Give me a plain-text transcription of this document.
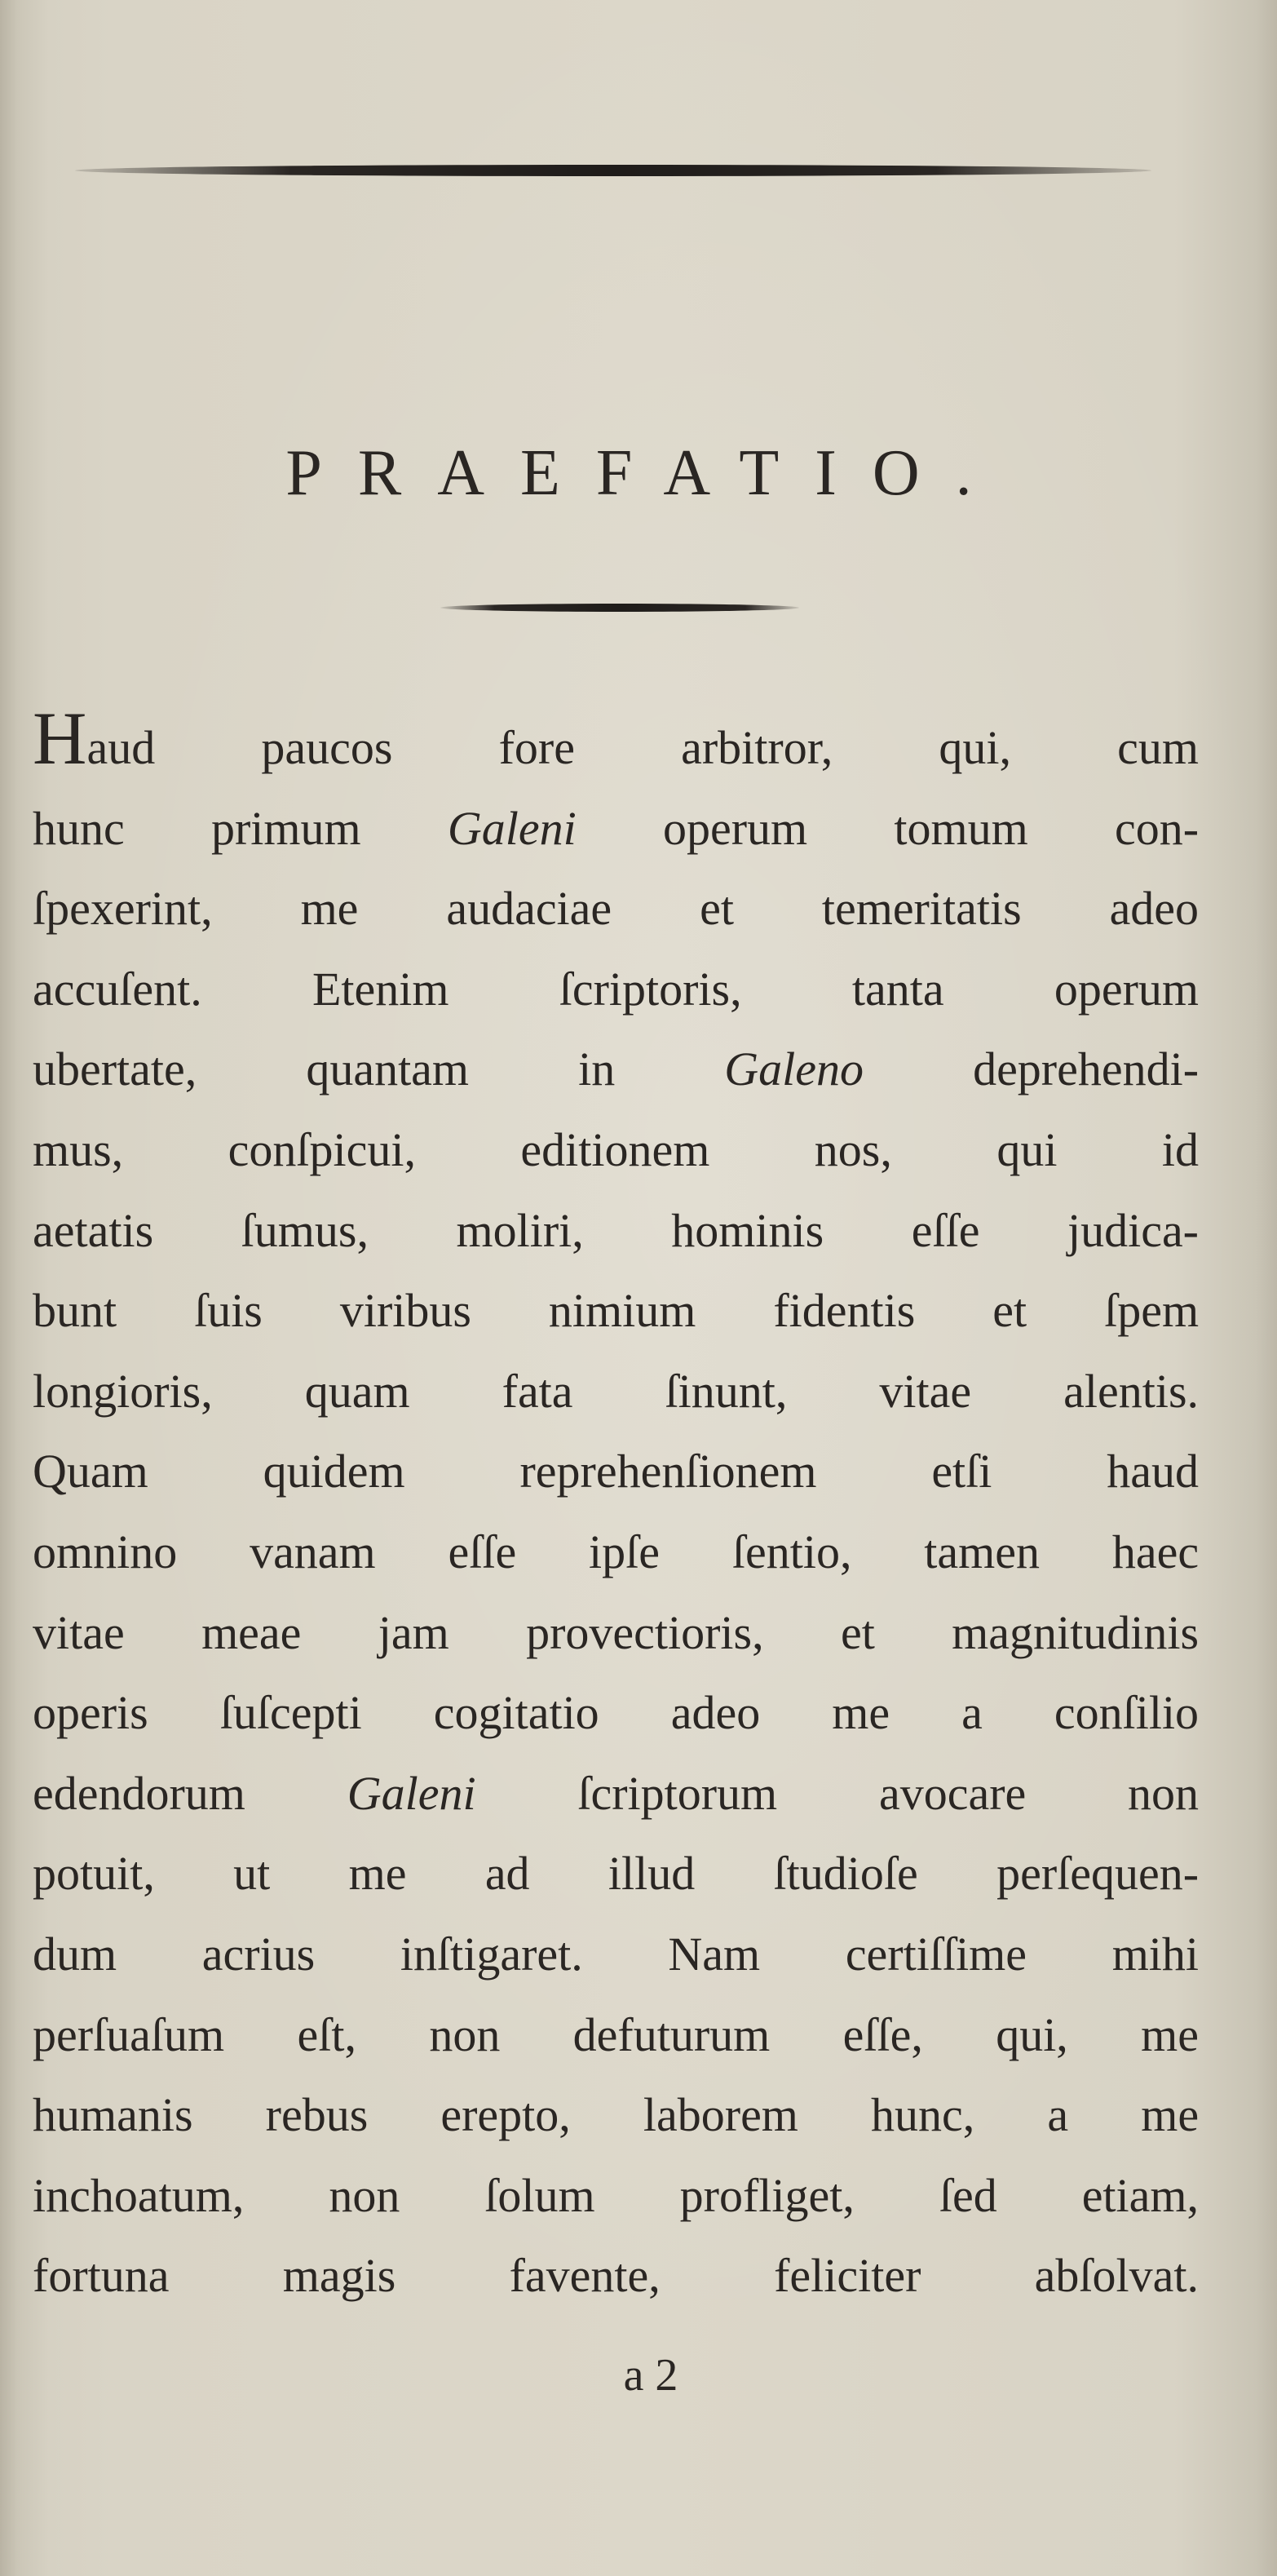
PRAEFATIO.
Haud paucos fore arbitror, qui, cum
hunc primum Galeni operum tomum con-
ſpexerint, me audaciae et temeritatis adeo
accuſent. Etenim ſcriptoris, tanta operum
ubertate, quantam in Galeno deprehendi-
mus, conſpicui, editionem nos, qui id
aetatis ſumus, moliri, hominis eſſe judica-
bunt ſuis viribus nimium fidentis et ſpem
longioris, quam fata ſinunt, vitae alentis.
Quam quidem reprehenſionem etſi haud
omnino vanam eſſe ipſe ſentio, tamen haec
vitae meae jam provectioris, et magnitudinis
operis ſuſcepti cogitatio adeo me a conſilio
edendorum Galeni ſcriptorum avocare non
potuit, ut me ad illud ſtudioſe perſequen-
dum acrius inſtigaret. Nam certiſſime mihi
perſuaſum eſt, non defuturum eſſe, qui, me
humanis rebus erepto, laborem hunc, a me
inchoatum, non ſolum profliget, ſed etiam,
fortuna magis favente, feliciter abſolvat.
a 2
